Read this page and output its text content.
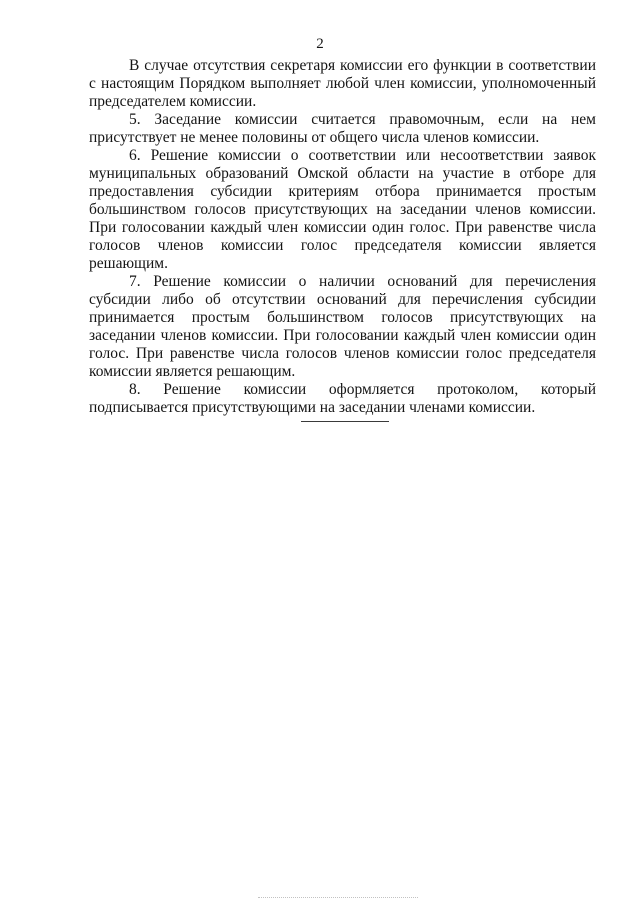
2

В случае отсутствия секретаря комиссии его функции в соответствии с настоящим Порядком выполняет любой член комиссии, уполномоченный председателем комиссии.

5. Заседание комиссии считается правомочным, если на нем присутствует не менее половины от общего числа членов комиссии.

6. Решение комиссии о соответствии или несоответствии заявок муниципальных образований Омской области на участие в отборе для предоставления субсидии критериям отбора принимается простым большинством голосов присутствующих на заседании членов комиссии. При голосовании каждый член комиссии один голос. При равенстве числа голосов членов комиссии голос председателя комиссии является решающим.

7. Решение комиссии о наличии оснований для перечисления субсидии либо об отсутствии оснований для перечисления субсидии принимается простым большинством голосов присутствующих на заседании членов комиссии. При голосовании каждый член комиссии один голос. При равенстве числа голосов членов комиссии голос председателя комиссии является решающим.

8. Решение комиссии оформляется протоколом, который подписывается присутствующими на заседании членами комиссии.
